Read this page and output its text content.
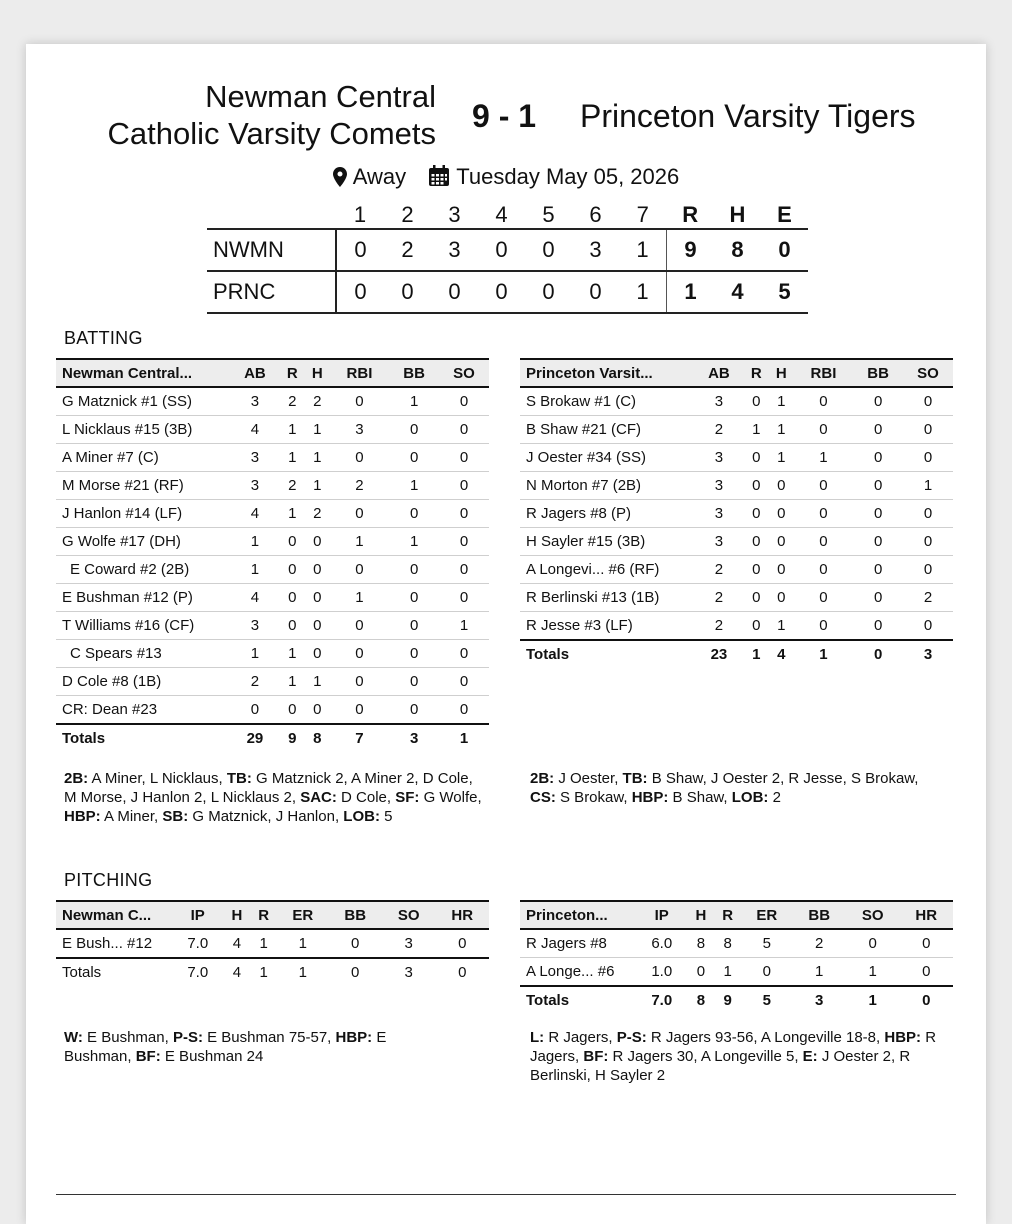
Newman Central
Catholic Varsity Comets 9 - 1 Princeton Varsity Tigers
Away Tuesday May 05, 2026
	1	2	3	4	5	6	7	R	H	E
NWMN	0	2	3	0	0	3	1	9	8	0
PRNC	0	0	0	0	0	0	1	1	4	5
BATTING
Newman Central...	AB	R	H	RBI	BB	SO
G Matznick #1 (SS)	3	2	2	0	1	0
L Nicklaus #15 (3B)	4	1	1	3	0	0
A Miner #7 (C)	3	1	1	0	0	0
M Morse #21 (RF)	3	2	1	2	1	0
J Hanlon #14 (LF)	4	1	2	0	0	0
G Wolfe #17 (DH)	1	0	0	1	1	0
E Coward #2 (2B)	1	0	0	0	0	0
E Bushman #12 (P)	4	0	0	1	0	0
T Williams #16 (CF)	3	0	0	0	0	1
C Spears #13	1	1	0	0	0	0
D Cole #8 (1B)	2	1	1	0	0	0
CR: Dean #23	0	0	0	0	0	0
Totals	29	9	8	7	3	1
Princeton Varsit...	AB	R	H	RBI	BB	SO
S Brokaw #1 (C)	3	0	1	0	0	0
B Shaw #21 (CF)	2	1	1	0	0	0
J Oester #34 (SS)	3	0	1	1	0	0
N Morton #7 (2B)	3	0	0	0	0	1
R Jagers #8 (P)	3	0	0	0	0	0
H Sayler #15 (3B)	3	0	0	0	0	0
A Longevi... #6 (RF)	2	0	0	0	0	0
R Berlinski #13 (1B)	2	0	0	0	0	2
R Jesse #3 (LF)	2	0	1	0	0	0
Totals	23	1	4	1	0	3
2B: A Miner, L Nicklaus, TB: G Matznick 2, A Miner 2, D Cole, M Morse, J Hanlon 2, L Nicklaus 2, SAC: D Cole, SF: G Wolfe, HBP: A Miner, SB: G Matznick, J Hanlon, LOB: 5
2B: J Oester, TB: B Shaw, J Oester 2, R Jesse, S Brokaw, CS: S Brokaw, HBP: B Shaw, LOB: 2
PITCHING
Newman C...	IP	H	R	ER	BB	SO	HR
E Bush... #12	7.0	4	1	1	0	3	0
Totals	7.0	4	1	1	0	3	0
Princeton...	IP	H	R	ER	BB	SO	HR
R Jagers #8	6.0	8	8	5	2	0	0
A Longe... #6	1.0	0	1	0	1	1	0
Totals	7.0	8	9	5	3	1	0
W: E Bushman, P-S: E Bushman 75-57, HBP: E Bushman, BF: E Bushman 24
L: R Jagers, P-S: R Jagers 93-56, A Longeville 18-8, HBP: R Jagers, BF: R Jagers 30, A Longeville 5, E: J Oester 2, R Berlinski, H Sayler 2
